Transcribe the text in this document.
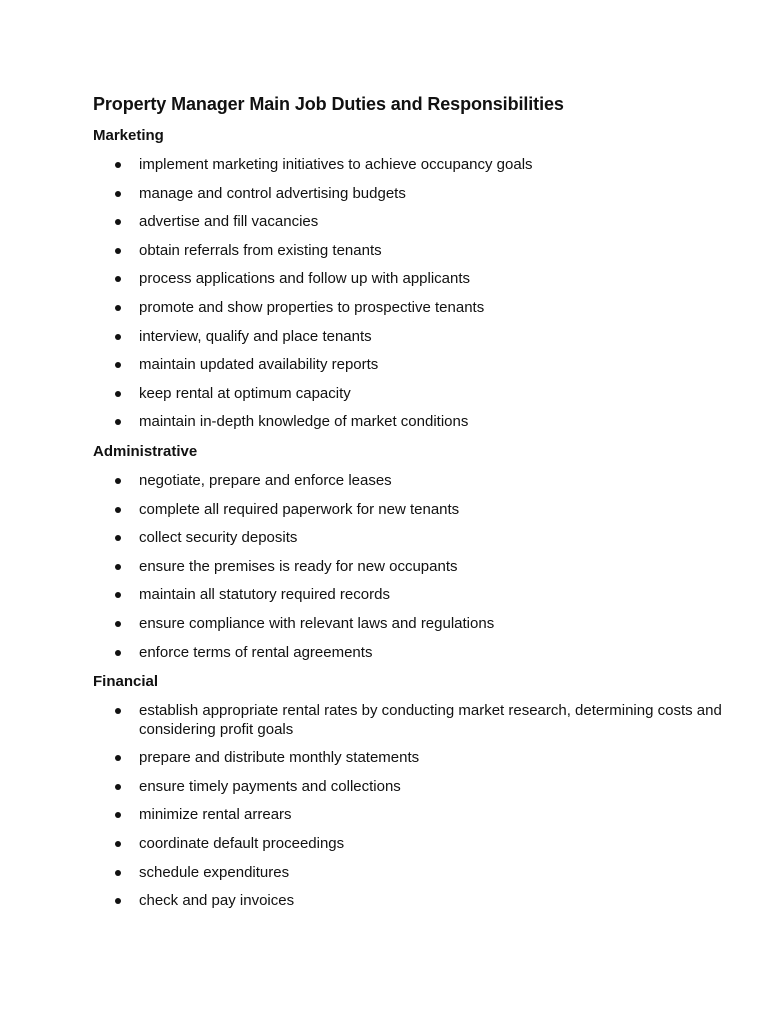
Property Manager Main Job Duties and Responsibilities
Marketing
implement marketing initiatives to achieve occupancy goals
manage and control advertising budgets
advertise and fill vacancies
obtain referrals from existing tenants
process applications and follow up with applicants
promote and show properties to prospective tenants
interview, qualify and place tenants
maintain updated availability reports
keep rental at optimum capacity
maintain in-depth knowledge of market conditions
Administrative
negotiate, prepare and enforce leases
complete all required paperwork for new tenants
collect security deposits
ensure the premises is ready for new occupants
maintain all statutory required records
ensure compliance with relevant laws and regulations
enforce terms of rental agreements
Financial
establish appropriate rental rates by conducting market research, determining costs and considering profit goals
prepare and distribute monthly statements
ensure timely payments and collections
minimize rental arrears
coordinate default proceedings
schedule expenditures
check and pay invoices
